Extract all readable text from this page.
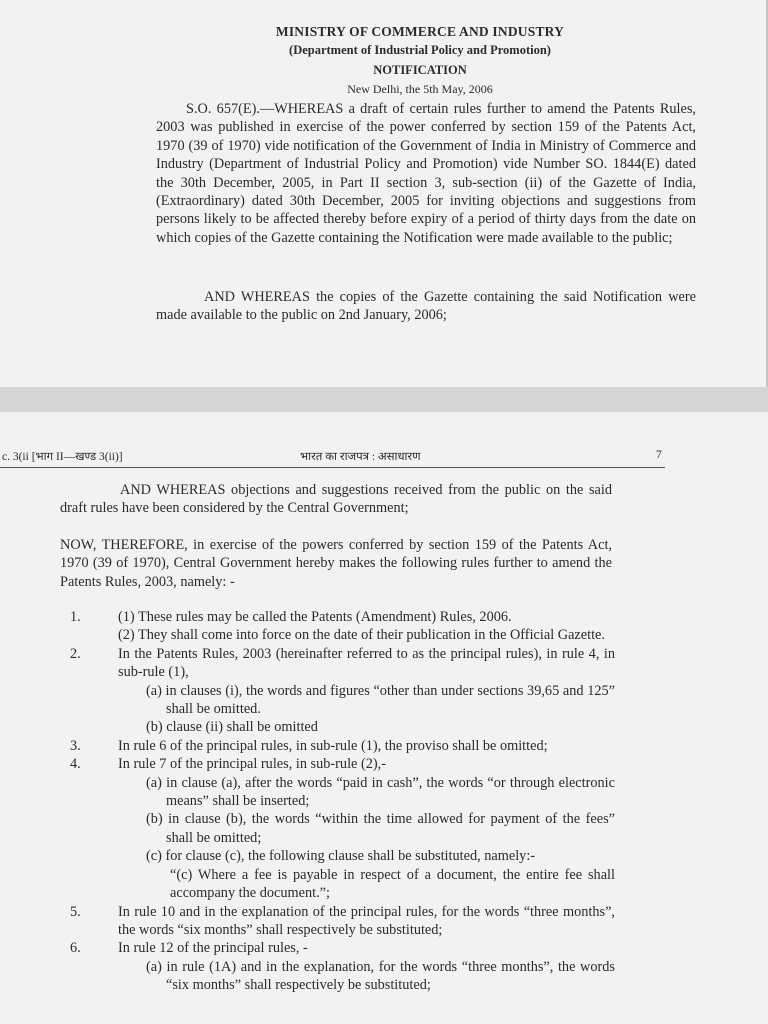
MINISTRY OF COMMERCE AND INDUSTRY
(Department of Industrial Policy and Promotion)
NOTIFICATION
New Delhi, the 5th May, 2006
S.O. 657(E).—WHEREAS a draft of certain rules further to amend the Patents Rules, 2003 was published in exercise of the power conferred by section 159 of the Patents Act, 1970 (39 of 1970) vide notification of the Government of India in Ministry of Commerce and Industry (Department of Industrial Policy and Promotion) vide Number SO. 1844(E) dated the 30th December, 2005, in Part II section 3, sub-section (ii) of the Gazette of India, (Extraordinary) dated 30th December, 2005 for inviting objections and suggestions from persons likely to be affected thereby before expiry of a period of thirty days from the date on which copies of the Gazette containing the Notification were made available to the public;
AND WHEREAS the copies of the Gazette containing the said Notification were made available to the public on 2nd January, 2006;
c. 3(ii [भाग II—खण्ड 3(ii)]	भारत का राजपत्र : असाधारण	7
AND WHEREAS objections and suggestions received from the public on the said draft rules have been considered by the Central Government;
NOW, THEREFORE, in exercise of the powers conferred by section 159 of the Patents Act, 1970 (39 of 1970), Central Government hereby makes the following rules further to amend the Patents Rules, 2003, namely: -
1.	(1) These rules may be called the Patents (Amendment) Rules, 2006.
(2) They shall come into force on the date of their publication in the Official Gazette.
2.	In the Patents Rules, 2003 (hereinafter referred to as the principal rules), in rule 4, in sub-rule (1),
(a) in clauses (i), the words and figures “other than under sections 39,65 and 125” shall be omitted.
(b) clause (ii) shall be omitted
3.	In rule 6 of the principal rules, in sub-rule (1), the proviso shall be omitted;
4.	In rule 7 of the principal rules, in sub-rule (2),-
(a) in clause (a), after the words “paid in cash”, the words “or through electronic means” shall be inserted;
(b) in clause (b), the words “within the time allowed for payment of the fees” shall be omitted;
(c) for clause (c), the following clause shall be substituted, namely:-
“(c) Where a fee is payable in respect of a document, the entire fee shall accompany the document.”;
5.	In rule 10 and in the explanation of the principal rules, for the words “three months”, the words “six months” shall respectively be substituted;
6.	In rule 12 of the principal rules, -
(a) in rule (1A) and in the explanation, for the words “three months”, the words “six months” shall respectively be substituted;
